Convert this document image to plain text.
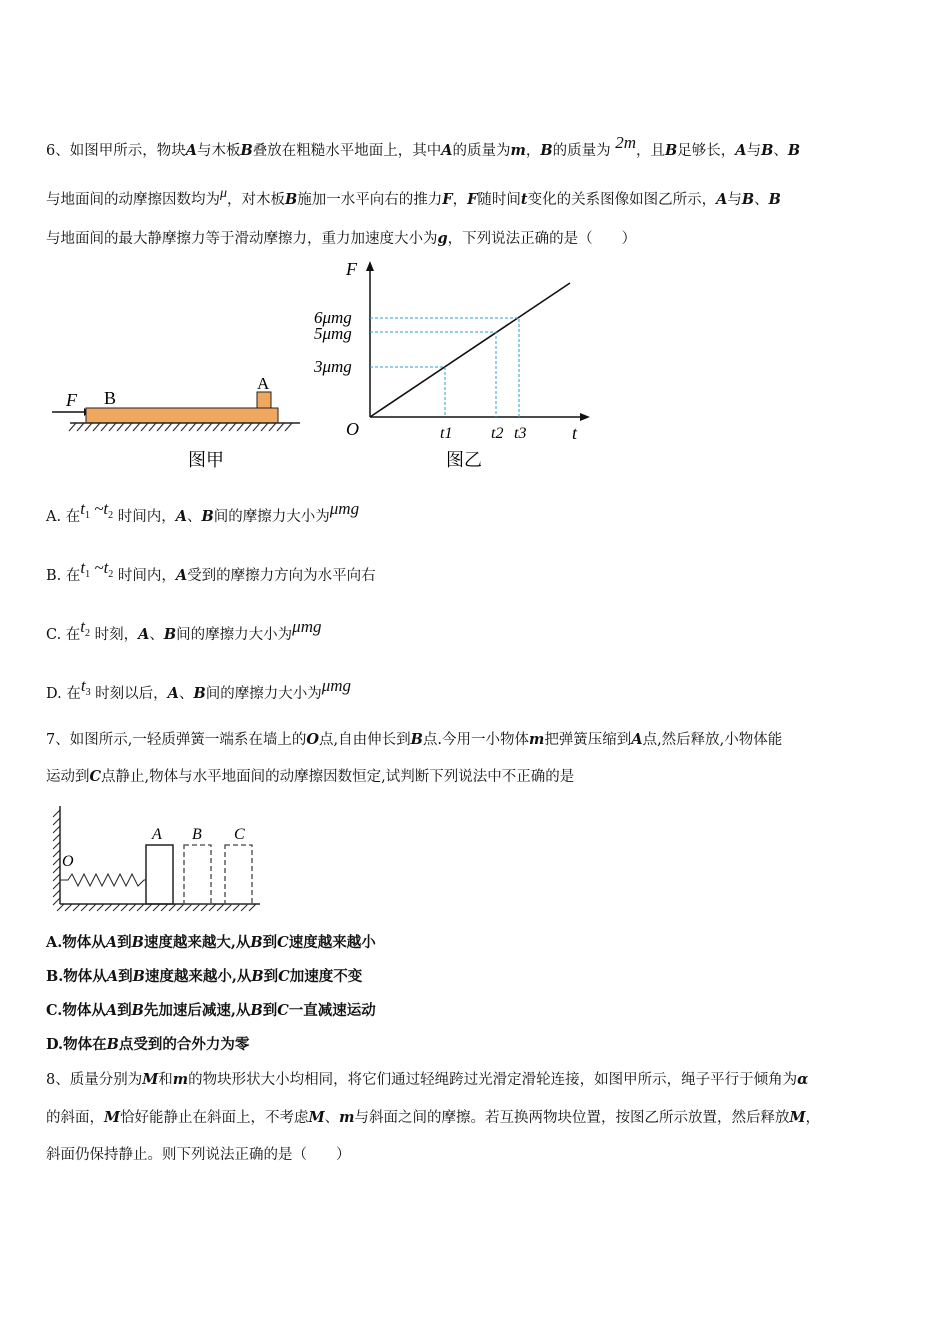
6、如图甲所示，物块A与木板B叠放在粗糙水平地面上，其中A的质量为m，B的质量为 2m，且B足够长，A与B、B
与地面间的动摩擦因数均为μ，对木板B施加一水平向右的推力F，F随时间t变化的关系图像如图乙所示，A与B、B
与地面间的最大静摩擦力等于滑动摩擦力，重力加速度大小为g，下列说法正确的是（　　）
F B
A
图甲
F
t
O
6μmg
5μmg
3μmg
t1 t2 t3
图乙
A. 在$t_1$ $\sim t_2$ 时间内，A、B间的摩擦力大小为μmg
B. 在$t_1$ $\sim t_2$ 时间内，A受到的摩擦力方向为水平向右
C. 在$t_2$ 时刻，A、B间的摩擦力大小为μmg
D. 在$t_3$ 时刻以后，A、B间的摩擦力大小为μmg
7、如图所示,一轻质弹簧一端系在墙上的O点,自由伸长到B点.今用一小物体m把弹簧压缩到A点,然后释放,小物体能
运动到C点静止,物体与水平地面间的动摩擦因数恒定,试判断下列说法中不正确的是
O
A B C
A.物体从A到B速度越来越大,从B到C速度越来越小
B.物体从A到B速度越来越小,从B到C加速度不变
C.物体从A到B先加速后减速,从B到C一直减速运动
D.物体在B点受到的合外力为零
8、质量分别为M和m的物块形状大小均相同，将它们通过轻绳跨过光滑定滑轮连接，如图甲所示，绳子平行于倾角为α
的斜面，M恰好能静止在斜面上，不考虑M、m与斜面之间的摩擦。若互换两物块位置，按图乙所示放置，然后释放M，
斜面仍保持静止。则下列说法正确的是（　　）
